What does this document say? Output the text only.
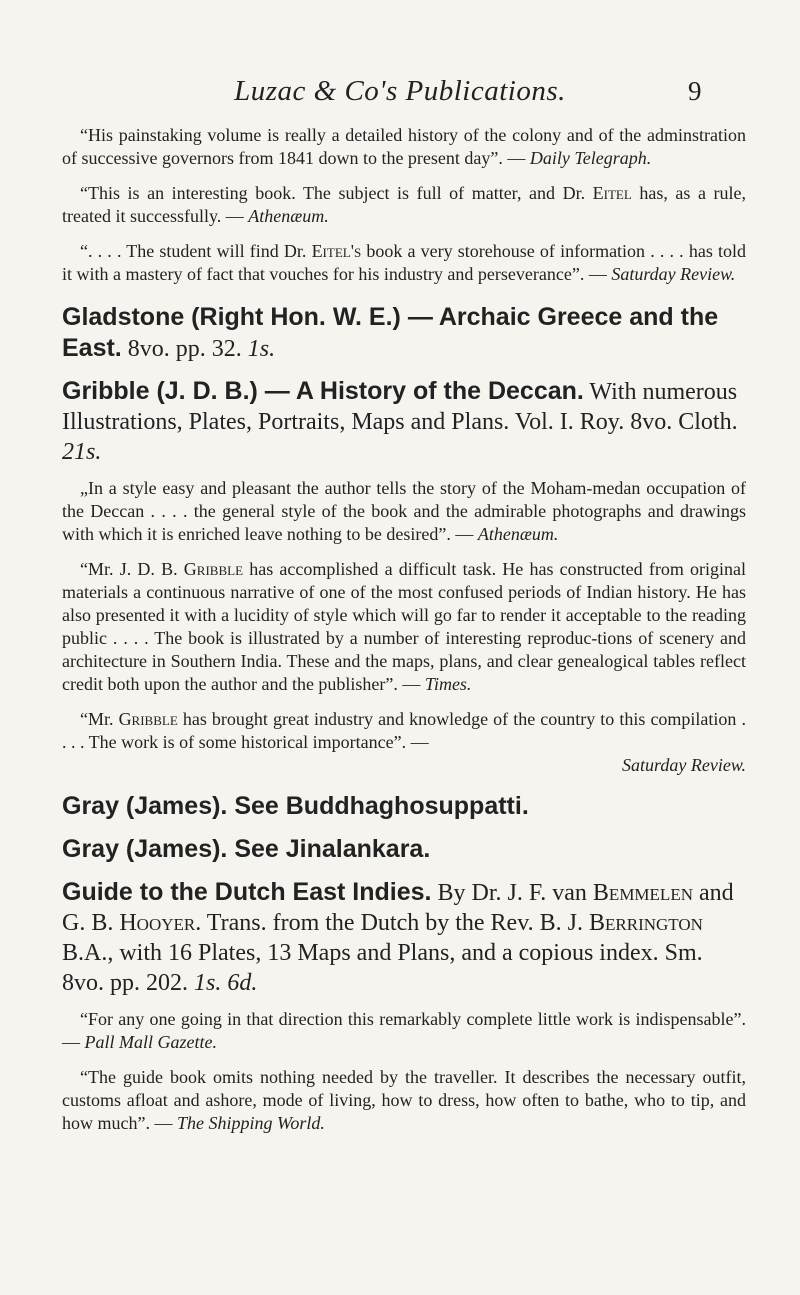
Luzac & Co's Publications.	9

“His painstaking volume is really a detailed history of the colony and of the adminstration of successive governors from 1841 down to the present day”. — Daily Telegraph.

“This is an interesting book. The subject is full of matter, and Dr. Eitel has, as a rule, treated it successfully. — Athenæum.

“. . . . The student will find Dr. Eitel's book a very storehouse of information . . . . has told it with a mastery of fact that vouches for his industry and perseverance”. — Saturday Review.

Gladstone (Right Hon. W. E.) — Archaic Greece and the East. 8vo. pp. 32. 1s.

Gribble (J. D. B.) — A History of the Deccan. With numerous Illustrations, Plates, Portraits, Maps and Plans. Vol. I. Roy. 8vo. Cloth. 21s.

„In a style easy and pleasant the author tells the story of the Moham-medan occupation of the Deccan . . . . the general style of the book and the admirable photographs and drawings with which it is enriched leave nothing to be desired”. — Athenæum.

“Mr. J. D. B. Gribble has accomplished a difficult task. He has constructed from original materials a continuous narrative of one of the most confused periods of Indian history. He has also presented it with a lucidity of style which will go far to render it acceptable to the reading public . . . . The book is illustrated by a number of interesting reproduc-tions of scenery and architecture in Southern India. These and the maps, plans, and clear genealogical tables reflect credit both upon the author and the publisher”. — Times.

“Mr. Gribble has brought great industry and knowledge of the country to this compilation . . . . The work is of some historical importance”. —

Saturday Review.

Gray (James). See Buddhaghosuppatti.

Gray (James). See Jinalankara.

Guide to the Dutch East Indies. By Dr. J. F. van Bemmelen and G. B. Hooyer. Trans. from the Dutch by the Rev. B. J. Berrington B.A., with 16 Plates, 13 Maps and Plans, and a copious index. Sm. 8vo. pp. 202. 1s. 6d.

“For any one going in that direction this remarkably complete little work is indispensable”. — Pall Mall Gazette.

“The guide book omits nothing needed by the traveller. It describes the necessary outfit, customs afloat and ashore, mode of living, how to dress, how often to bathe, who to tip, and how much”. — The Shipping World.
